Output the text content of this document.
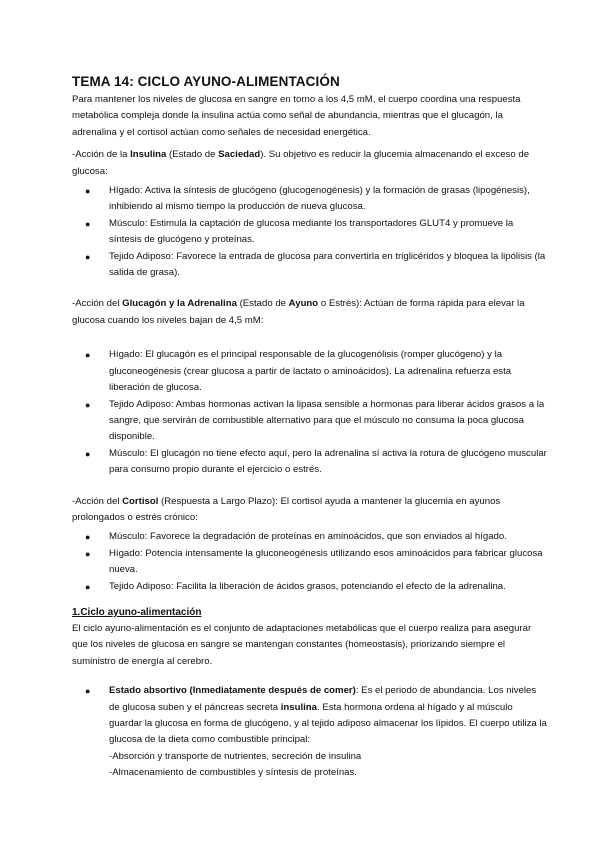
TEMA 14: CICLO AYUNO-ALIMENTACIÓN

Para mantener los niveles de glucosa en sangre en torno a los 4,5 mM, el cuerpo coordina una respuesta metabólica compleja donde la insulina actúa como señal de abundancia, mientras que el glucagón, la adrenalina y el cortisol actúan como señales de necesidad energética.

-Acción de la Insulina (Estado de Saciedad). Su objetivo es reducir la glucemia almacenando el exceso de glucosa:

● Hígado: Activa la síntesis de glucógeno (glucogenogénesis) y la formación de grasas (lipogénesis), inhibiendo al mismo tiempo la producción de nueva glucosa.
● Músculo: Estimula la captación de glucosa mediante los transportadores GLUT4 y promueve la síntesis de glucógeno y proteínas.
● Tejido Adiposo: Favorece la entrada de glucosa para convertirla en triglicéridos y bloquea la lipólisis (la salida de grasa).

-Acción del Glucagón y la Adrenalina (Estado de Ayuno o Estrés): Actúan de forma rápida para elevar la glucosa cuando los niveles bajan de 4,5 mM:

● Hígado: El glucagón es el principal responsable de la glucogenólisis (romper glucógeno) y la gluconeogénesis (crear glucosa a partir de lactato o aminoácidos). La adrenalina refuerza esta liberación de glucosa.
● Tejido Adiposo: Ambas hormonas activan la lipasa sensible a hormonas para liberar ácidos grasos a la sangre, que servirán de combustible alternativo para que el músculo no consuma la poca glucosa disponible.
● Músculo: El glucagón no tiene efecto aquí, pero la adrenalina sí activa la rotura de glucógeno muscular para consumo propio durante el ejercicio o estrés.

-Acción del Cortisol (Respuesta a Largo Plazo): El cortisol ayuda a mantener la glucemia en ayunos prolongados o estrés crónico:

● Músculo: Favorece la degradación de proteínas en aminoácidos, que son enviados al hígado.
● Hígado: Potencia intensamente la gluconeogénesis utilizando esos aminoácidos para fabricar glucosa nueva.
● Tejido Adiposo: Facilita la liberación de ácidos grasos, potenciando el efecto de la adrenalina.
1.Ciclo ayuno-alimentación

El ciclo ayuno-alimentación es el conjunto de adaptaciones metabólicas que el cuerpo realiza para asegurar que los niveles de glucosa en sangre se mantengan constantes (homeostasis), priorizando siempre el suministro de energía al cerebro.

● Estado absortivo (Inmediatamente después de comer): Es el periodo de abundancia. Los niveles de glucosa suben y el páncreas secreta insulina. Esta hormona ordena al hígado y al músculo guardar la glucosa en forma de glucógeno, y al tejido adiposo almacenar los lípidos. El cuerpo utiliza la glucosa de la dieta como combustible principal:
-Absorción y transporte de nutrientes, secreción de insulina
-Almacenamiento de combustibles y síntesis de proteínas.
